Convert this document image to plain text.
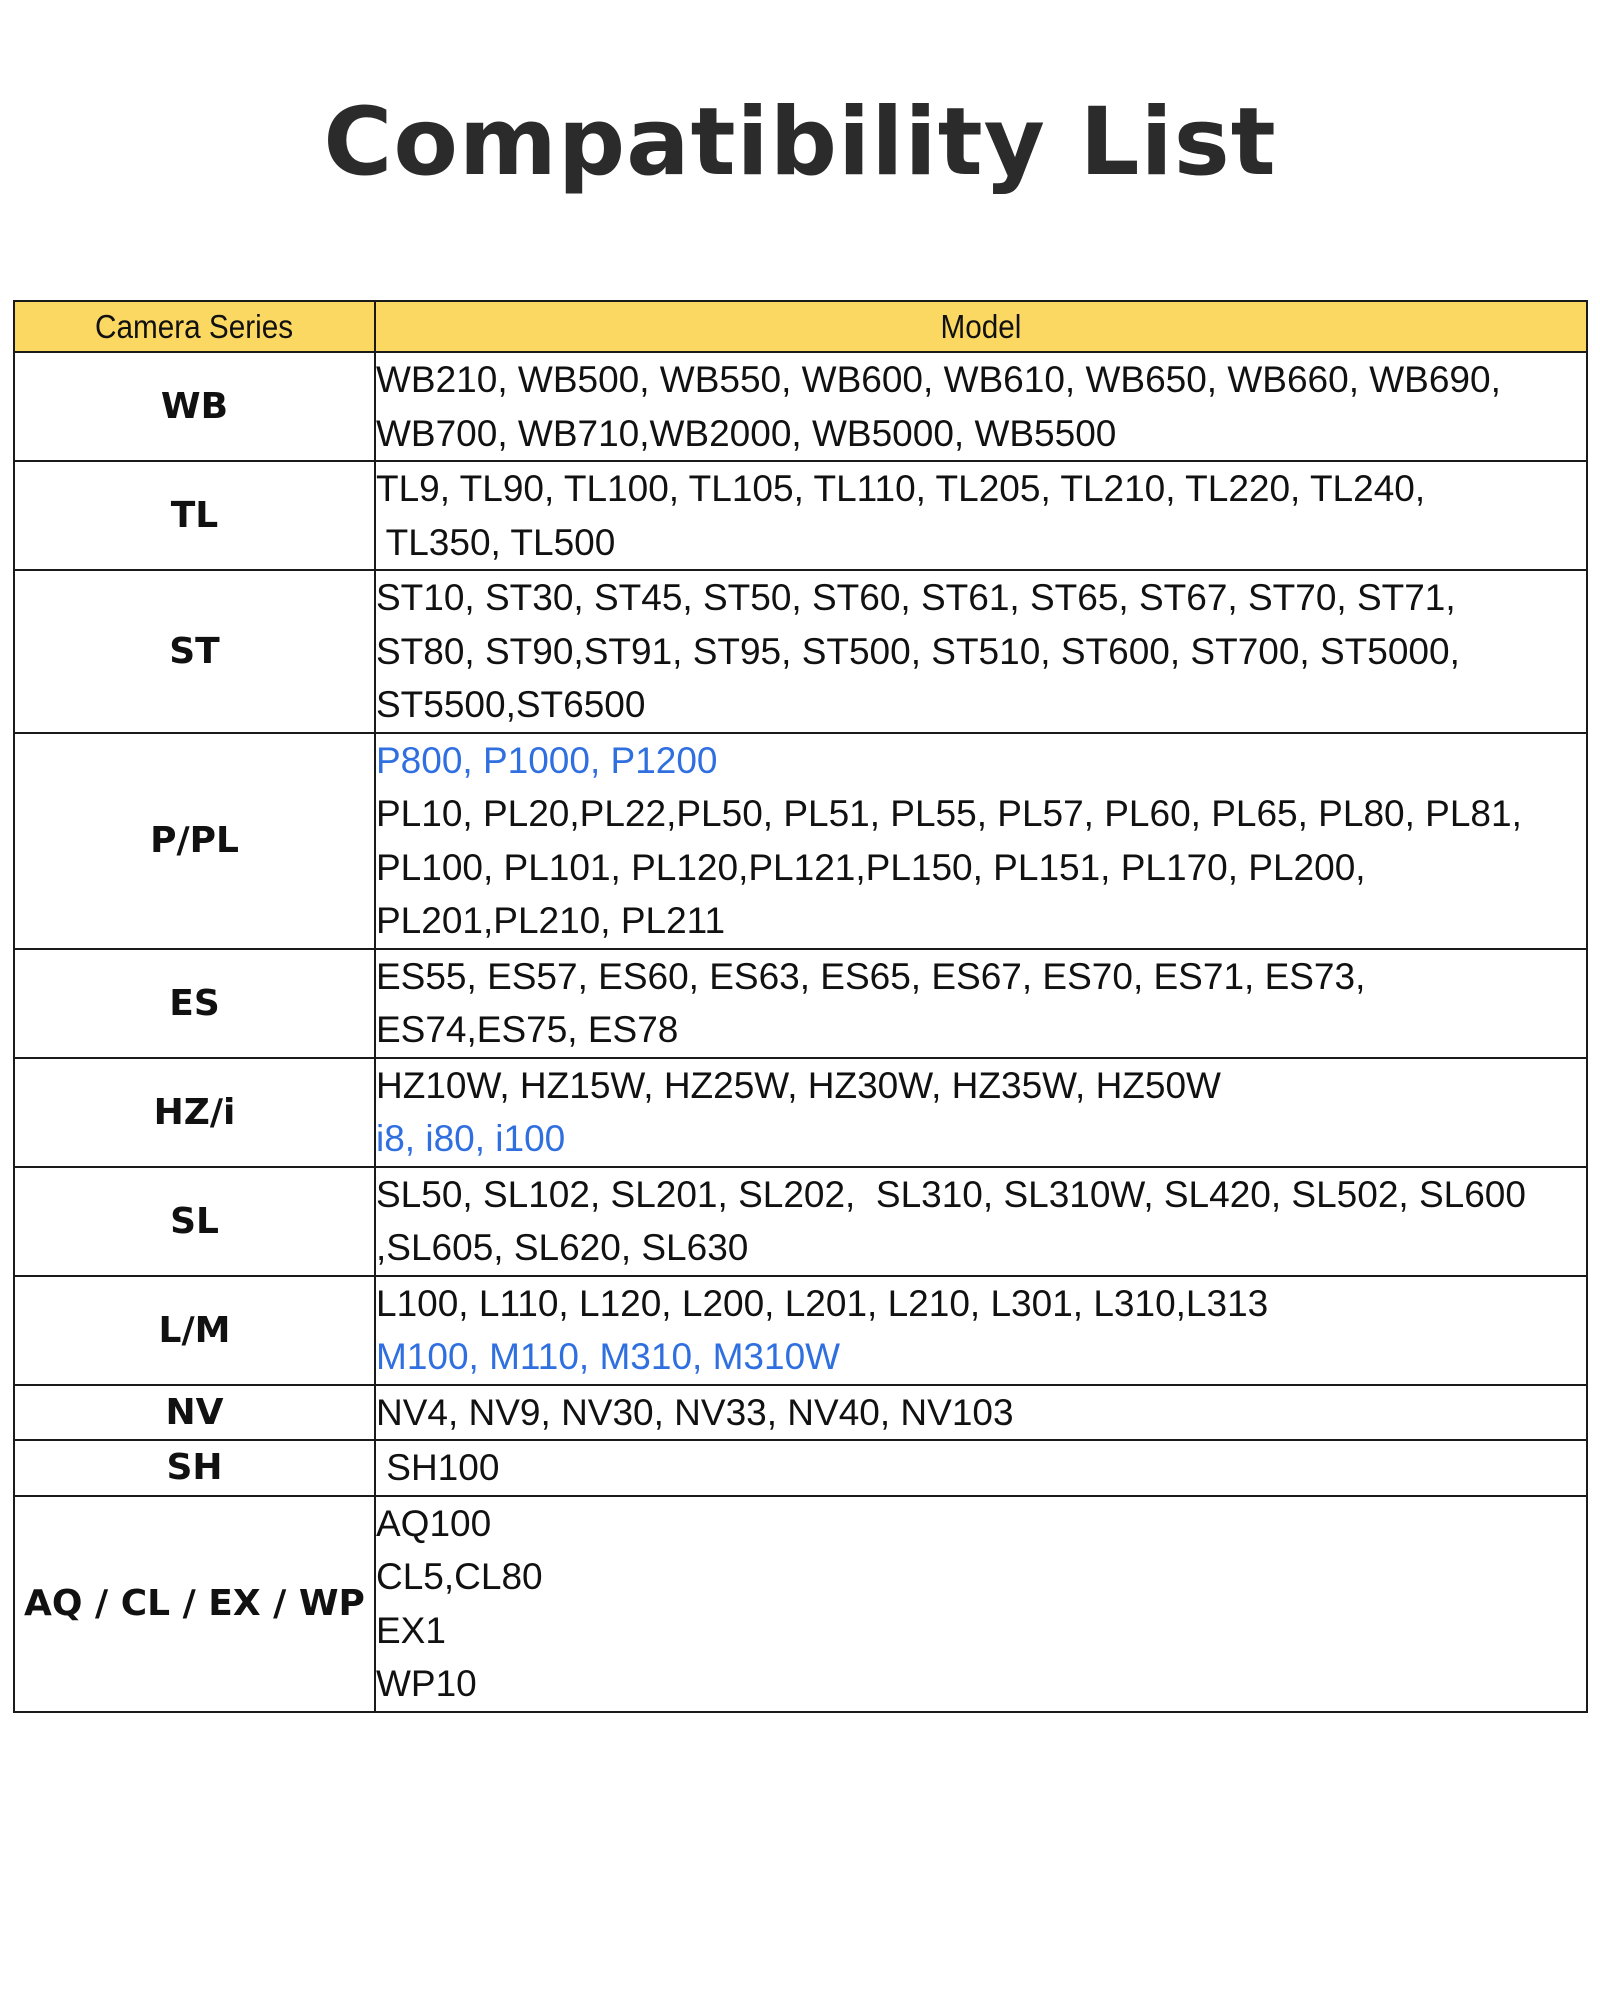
Compatibility List
Camera Series	Model
WB	WB210, WB500, WB550, WB600, WB610, WB650, WB660, WB690,
WB700, WB710,WB2000, WB5000, WB5500

TL	TL9, TL90, TL100, TL105, TL110, TL205, TL210, TL220, TL240,
TL350, TL500

ST	ST10, ST30, ST45, ST50, ST60, ST61, ST65, ST67, ST70, ST71,
ST80, ST90,ST91, ST95, ST500, ST510, ST600, ST700, ST5000,
ST5500,ST6500

P/PL	P800, P1000, P1200
PL10, PL20,PL22,PL50, PL51, PL55, PL57, PL60, PL65, PL80, PL81,
PL100, PL101, PL120,PL121,PL150, PL151, PL170, PL200,
PL201,PL210, PL211

ES	ES55, ES57, ES60, ES63, ES65, ES67, ES70, ES71, ES73,
ES74,ES75, ES78

HZ/i	HZ10W, HZ15W, HZ25W, HZ30W, HZ35W, HZ50W
i8, i80, i100

SL	SL50, SL102, SL201, SL202,  SL310, SL310W, SL420, SL502, SL600
,SL605, SL620, SL630

L/M	L100, L110, L120, L200, L201, L210, L301, L310,L313
M100, M110, M310, M310W

NV	NV4, NV9, NV30, NV33, NV40, NV103

SH	SH100

AQ / CL / EX / WP	AQ100
CL5,CL80
EX1
WP10
